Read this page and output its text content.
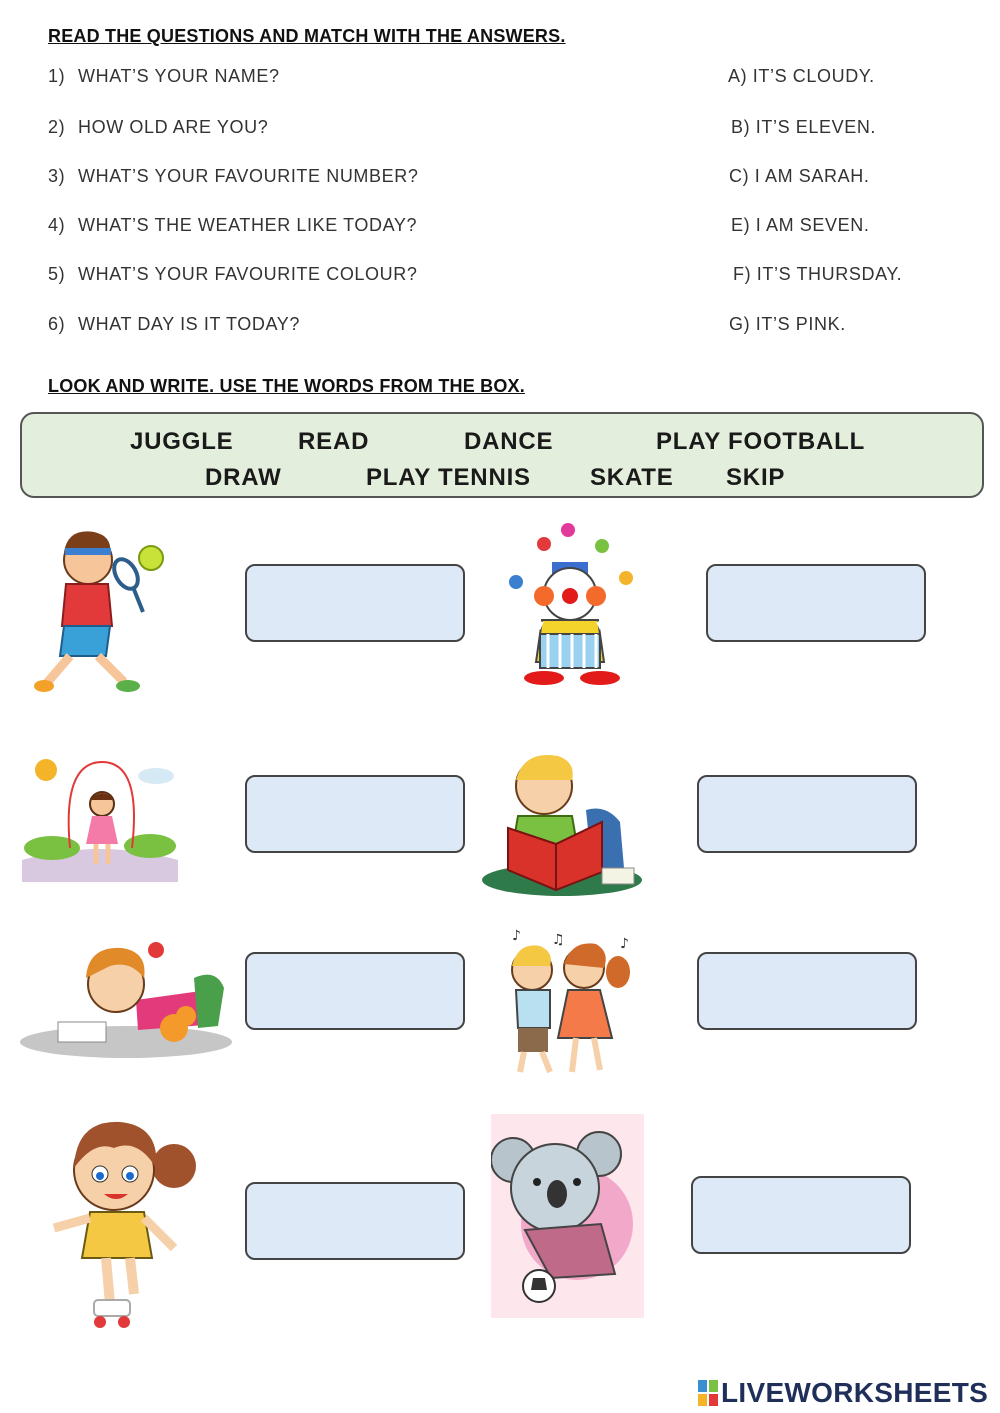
READ THE QUESTIONS AND MATCH WITH THE ANSWERS.
1) WHAT’S YOUR NAME?
2) HOW OLD ARE YOU?
3) WHAT’S YOUR FAVOURITE NUMBER?
4) WHAT’S THE WEATHER LIKE TODAY?
5) WHAT’S YOUR FAVOURITE COLOUR?
6) WHAT DAY IS IT TODAY?
A) IT’S CLOUDY.
B) IT’S ELEVEN.
C) I AM SARAH.
E) I AM SEVEN.
F) IT’S THURSDAY.
G) IT’S PINK.
LOOK AND WRITE. USE THE WORDS FROM THE BOX.
JUGGLE	READ	DANCE	PLAY FOOTBALL
DRAW	PLAY TENNIS SKATE SKIP
♪ ♫	♪
LIVEWORKSHEETS
